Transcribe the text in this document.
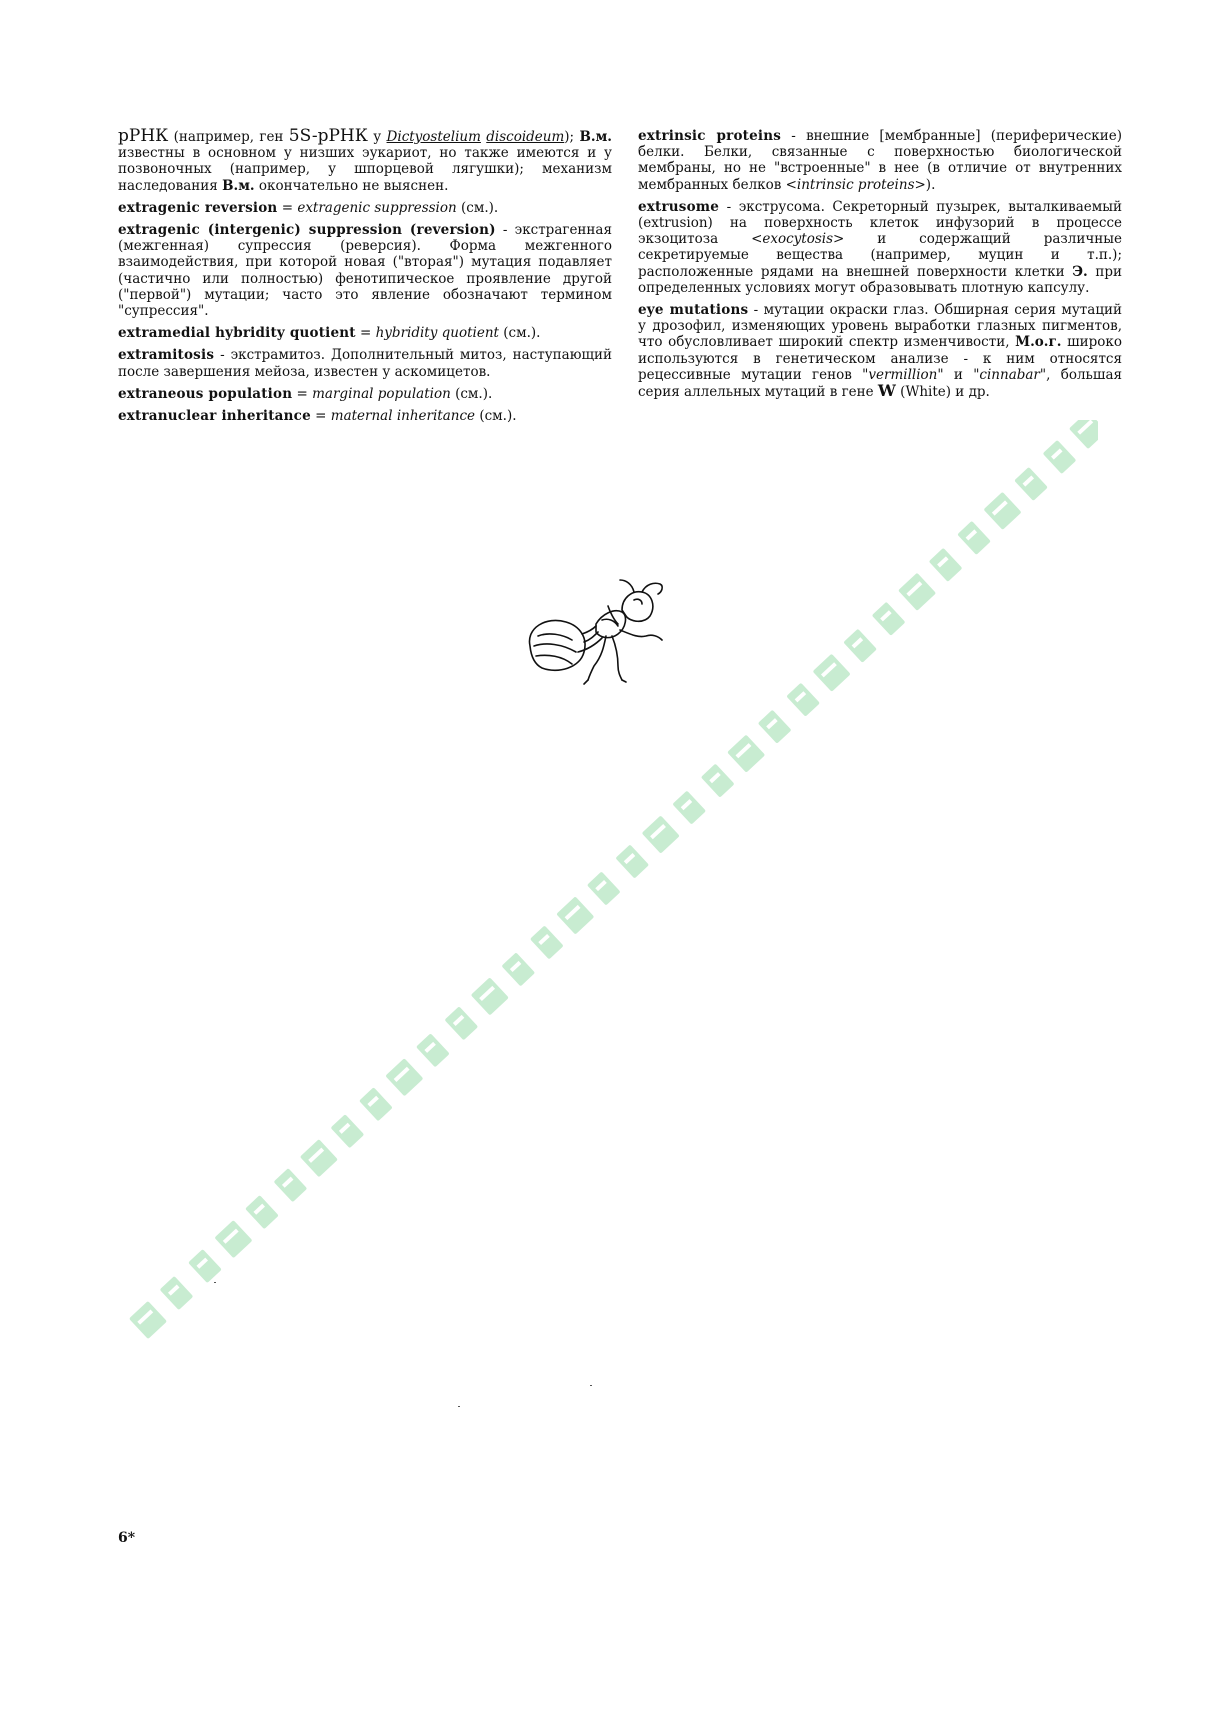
рРНК (например, ген 5S-рРНК у Dictyostelium discoideum); В.м. известны в основном у низших эукариот, но также имеются и у позвоночных (например, у шпорцевой лягушки); механизм наследования В.м. окончательно не выяснен.

extragenic reversion = extragenic suppression (см.).

extragenic (intergenic) suppression (reversion) - экстрагенная (межгенная) супрессия (реверсия). Форма межгенного взаимодействия, при которой новая ("вторая") мутация подавляет (частично или полностью) фенотипическое проявление другой ("первой") мутации; часто это явление обозначают термином "супрессия".

extramedial hybridity quotient = hybridity quotient (см.).

extramitosis - экстрамитоз. Дополнительный митоз, наступающий после завершения мейоза, известен у аскомицетов.

extraneous population = marginal population (см.).

extranuclear inheritance = maternal inheritance (см.).

extrinsic proteins - внешние [мембранные] (периферические) белки. Белки, связанные с поверхностью биологической мембраны, но не "встроенные" в нее (в отличие от внутренних мембранных белков <intrinsic proteins>).

extrusome - экструсома. Секреторный пузырек, выталкиваемый (extrusion) на поверхность клеток инфузорий в процессе экзоцитоза <exocytosis> и содержащий различные секретируемые вещества (например, муцин и т.п.); расположенные рядами на внешней поверхности клетки Э. при определенных условиях могут образовывать плотную капсулу.

eye mutations - мутации окраски глаз. Обширная серия мутаций у дрозофил, изменяющих уровень выработки глазных пигментов, что обусловливает широкий спектр изменчивости, М.о.г. широко используются в генетическом анализе - к ним относятся рецессивные мутации генов "vermillion" и "cinnabar", большая серия аллельных мутаций в гене W (White) и др.

6*
